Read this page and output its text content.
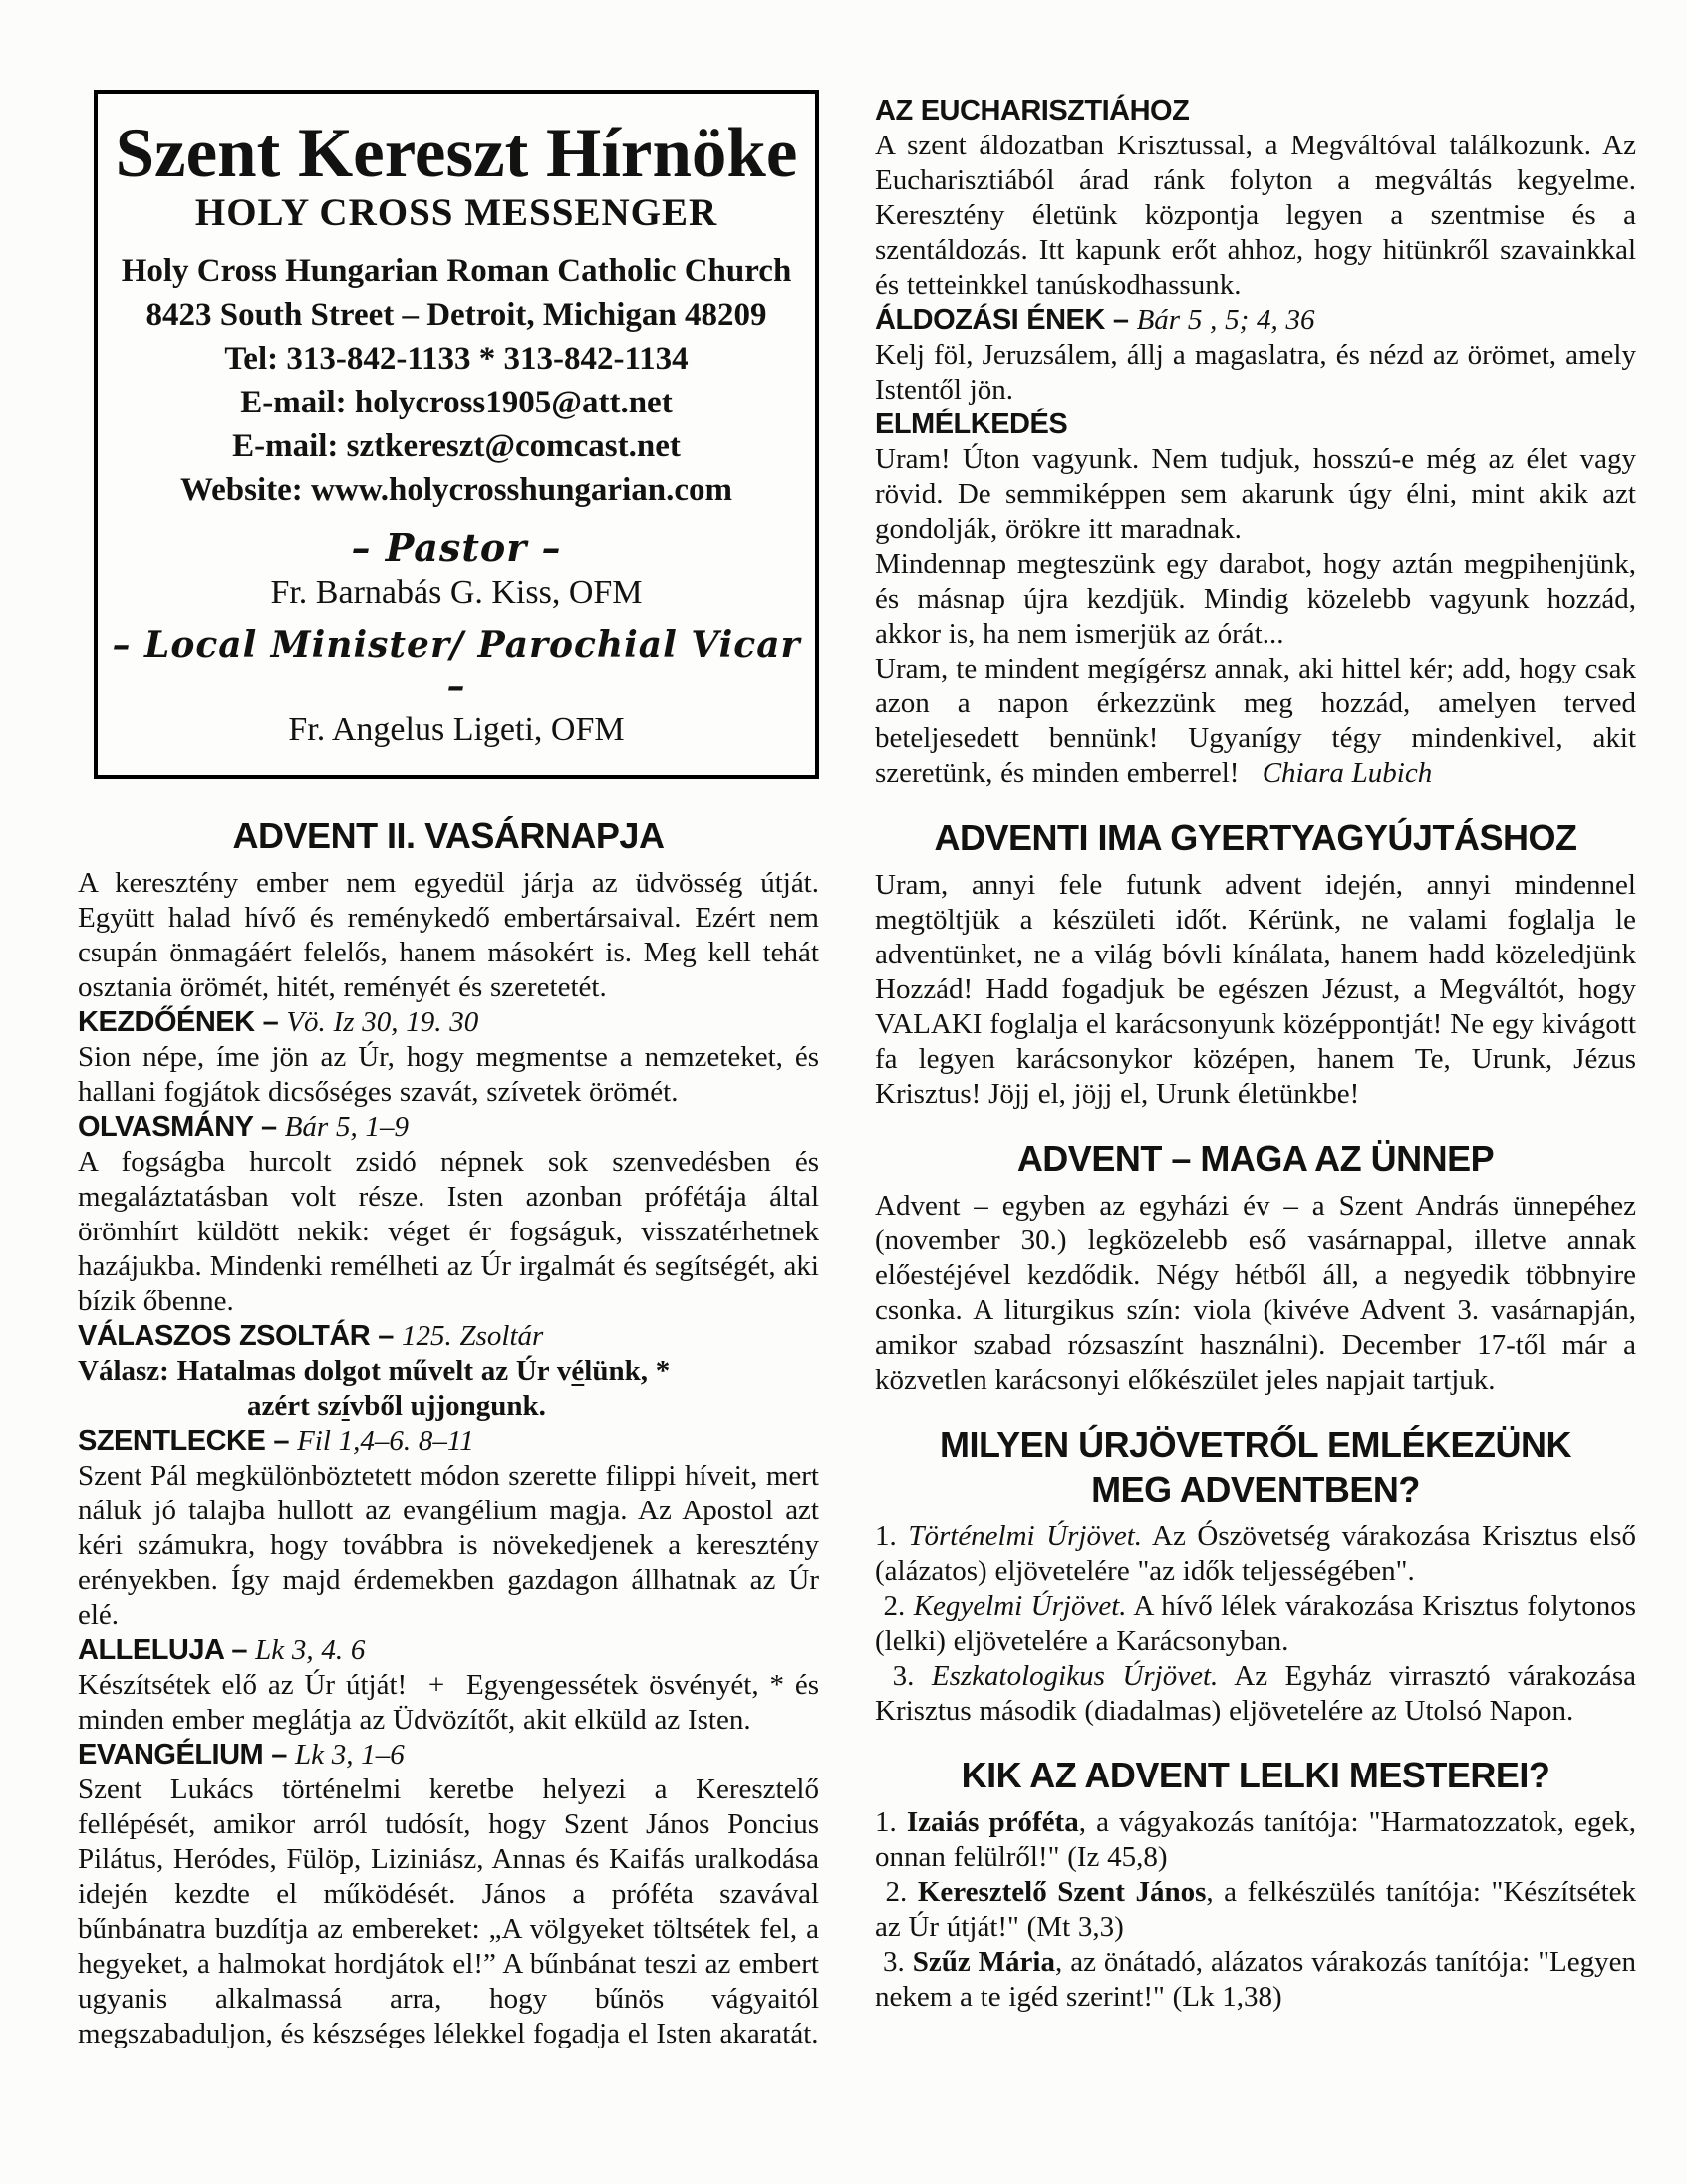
Szent Kereszt Hírnöke
HOLY CROSS MESSENGER
Holy Cross Hungarian Roman Catholic Church
8423 South Street – Detroit, Michigan 48209
Tel: 313-842-1133 * 313-842-1134
E-mail: holycross1905@att.net
E-mail: sztkereszt@comcast.net
Website: www.holycrosshungarian.com
– Pastor –
Fr. Barnabás G. Kiss, OFM
– Local Minister/ Parochial Vicar –
Fr. Angelus Ligeti, OFM
ADVENT II. VASÁRNAPJA

A keresztény ember nem egyedül járja az üdvösség útját. Együtt halad hívő és reménykedő embertársaival. Ezért nem csupán önmagáért felelős, hanem másokért is. Meg kell tehát osztania örömét, hitét, reményét és szeretetét.

KEZDŐÉNEK – Vö. Iz 30, 19. 30

Sion népe, íme jön az Úr, hogy megmentse a nemzeteket, és hallani fogjátok dicsőséges szavát, szívetek örömét.

OLVASMÁNY – Bár 5, 1–9

A fogságba hurcolt zsidó népnek sok szenvedésben és megaláztatásban volt része. Isten azonban prófétája által örömhírt küldött nekik: véget ér fogságuk, visszatérhetnek hazájukba. Mindenki remélheti az Úr irgalmát és segítségét, aki bízik őbenne.

VÁLASZOS ZSOLTÁR – 125. Zsoltár

Válasz: Hatalmas dolgot művelt az Úr vélünk, *

azért szívből ujjongunk.

SZENTLECKE – Fil 1,4–6. 8–11

Szent Pál megkülönböztetett módon szerette filippi híveit, mert náluk jó talajba hullott az evangélium magja. Az Apostol azt kéri számukra, hogy továbbra is növekedjenek a keresztény erényekben. Így majd érdemekben gazdagon állhatnak az Úr elé.

ALLELUJA – Lk 3, 4. 6

Készítsétek elő az Úr útját!  +  Egyengessétek ösvényét, * és minden ember meglátja az Üdvözítőt, akit elküld az Isten.

EVANGÉLIUM – Lk 3, 1–6

Szent Lukács történelmi keretbe helyezi a Keresztelő fellépését, amikor arról tudósít, hogy Szent János Poncius Pilátus, Heródes, Fülöp, Liziniász, Annas és Kaifás uralkodása idején kezdte el működését. János a próféta szavával bűnbánatra buzdítja az embereket: „A völgyeket töltsétek fel, a hegyeket, a halmokat hordjátok el!” A bűnbánat teszi az embert ugyanis alkalmassá arra, hogy bűnös vágyaitól megszabaduljon, és készséges lélekkel fogadja el Isten akaratát.

AZ EUCHARISZTIÁHOZ

A szent áldozatban Krisztussal, a Megváltóval találkozunk. Az Eucharisztiából árad ránk folyton a megváltás kegyelme. Keresztény életünk központja legyen a szentmise és a szentáldozás. Itt kapunk erőt ahhoz, hogy hitünkről szavainkkal és tetteinkkel tanúskodhassunk.

ÁLDOZÁSI ÉNEK – Bár 5 , 5; 4, 36

Kelj föl, Jeruzsálem, állj a magaslatra, és nézd az örömet, amely Istentől jön.

ELMÉLKEDÉS

Uram! Úton vagyunk. Nem tudjuk, hosszú-e még az élet vagy rövid. De semmiképpen sem akarunk úgy élni, mint akik azt gondolják, örökre itt maradnak.

Mindennap megteszünk egy darabot, hogy aztán megpihenjünk, és másnap újra kezdjük. Mindig közelebb vagyunk hozzád, akkor is, ha nem ismerjük az órát...

Uram, te mindent megígérsz annak, aki hittel kér; add, hogy csak azon a napon érkezzünk meg hozzád, amelyen terved beteljesedett bennünk! Ugyanígy tégy mindenkivel, akit szeretünk, és minden emberrel!   Chiara Lubich

ADVENTI IMA GYERTYAGYÚJTÁSHOZ

Uram, annyi fele futunk advent idején, annyi mindennel megtöltjük a készületi időt. Kérünk, ne valami foglalja le adventünket, ne a világ bóvli kínálata, hanem hadd közeledjünk Hozzád! Hadd fogadjuk be egészen Jézust, a Megváltót, hogy VALAKI foglalja el karácsonyunk középpontját! Ne egy kivágott fa legyen karácsonykor középen, hanem Te, Urunk, Jézus Krisztus! Jöjj el, jöjj el, Urunk életünkbe!

ADVENT – MAGA AZ ÜNNEP

Advent – egyben az egyházi év – a Szent András ünnepéhez (november 30.) legközelebb eső vasárnappal, illetve annak előestéjével kezdődik. Négy hétből áll, a negyedik többnyire csonka. A liturgikus szín: viola (kivéve Advent 3. vasárnapján, amikor szabad rózsaszínt használni). December 17-től már a közvetlen karácsonyi előkészület jeles napjait tartjuk.

MILYEN ÚRJÖVETRŐL EMLÉKEZÜNK
MEG ADVENTBEN?

1. Történelmi Úrjövet. Az Ószövetség várakozása Krisztus első (alázatos) eljövetelére "az idők teljességében".

2. Kegyelmi Úrjövet. A hívő lélek várakozása Krisztus folytonos (lelki) eljövetelére a Karácsonyban.

3. Eszkatologikus Úrjövet. Az Egyház virrasztó várakozása Krisztus második (diadalmas) eljövetelére az Utolsó Napon.

KIK AZ ADVENT LELKI MESTEREI?

1. Izaiás próféta, a vágyakozás tanítója: "Harmatozzatok, egek, onnan felülről!" (Iz 45,8)

2. Keresztelő Szent János, a felkészülés tanítója: "Készítsétek az Úr útját!" (Mt 3,3)

3. Szűz Mária, az önátadó, alázatos várakozás tanítója: "Legyen nekem a te igéd szerint!" (Lk 1,38)
